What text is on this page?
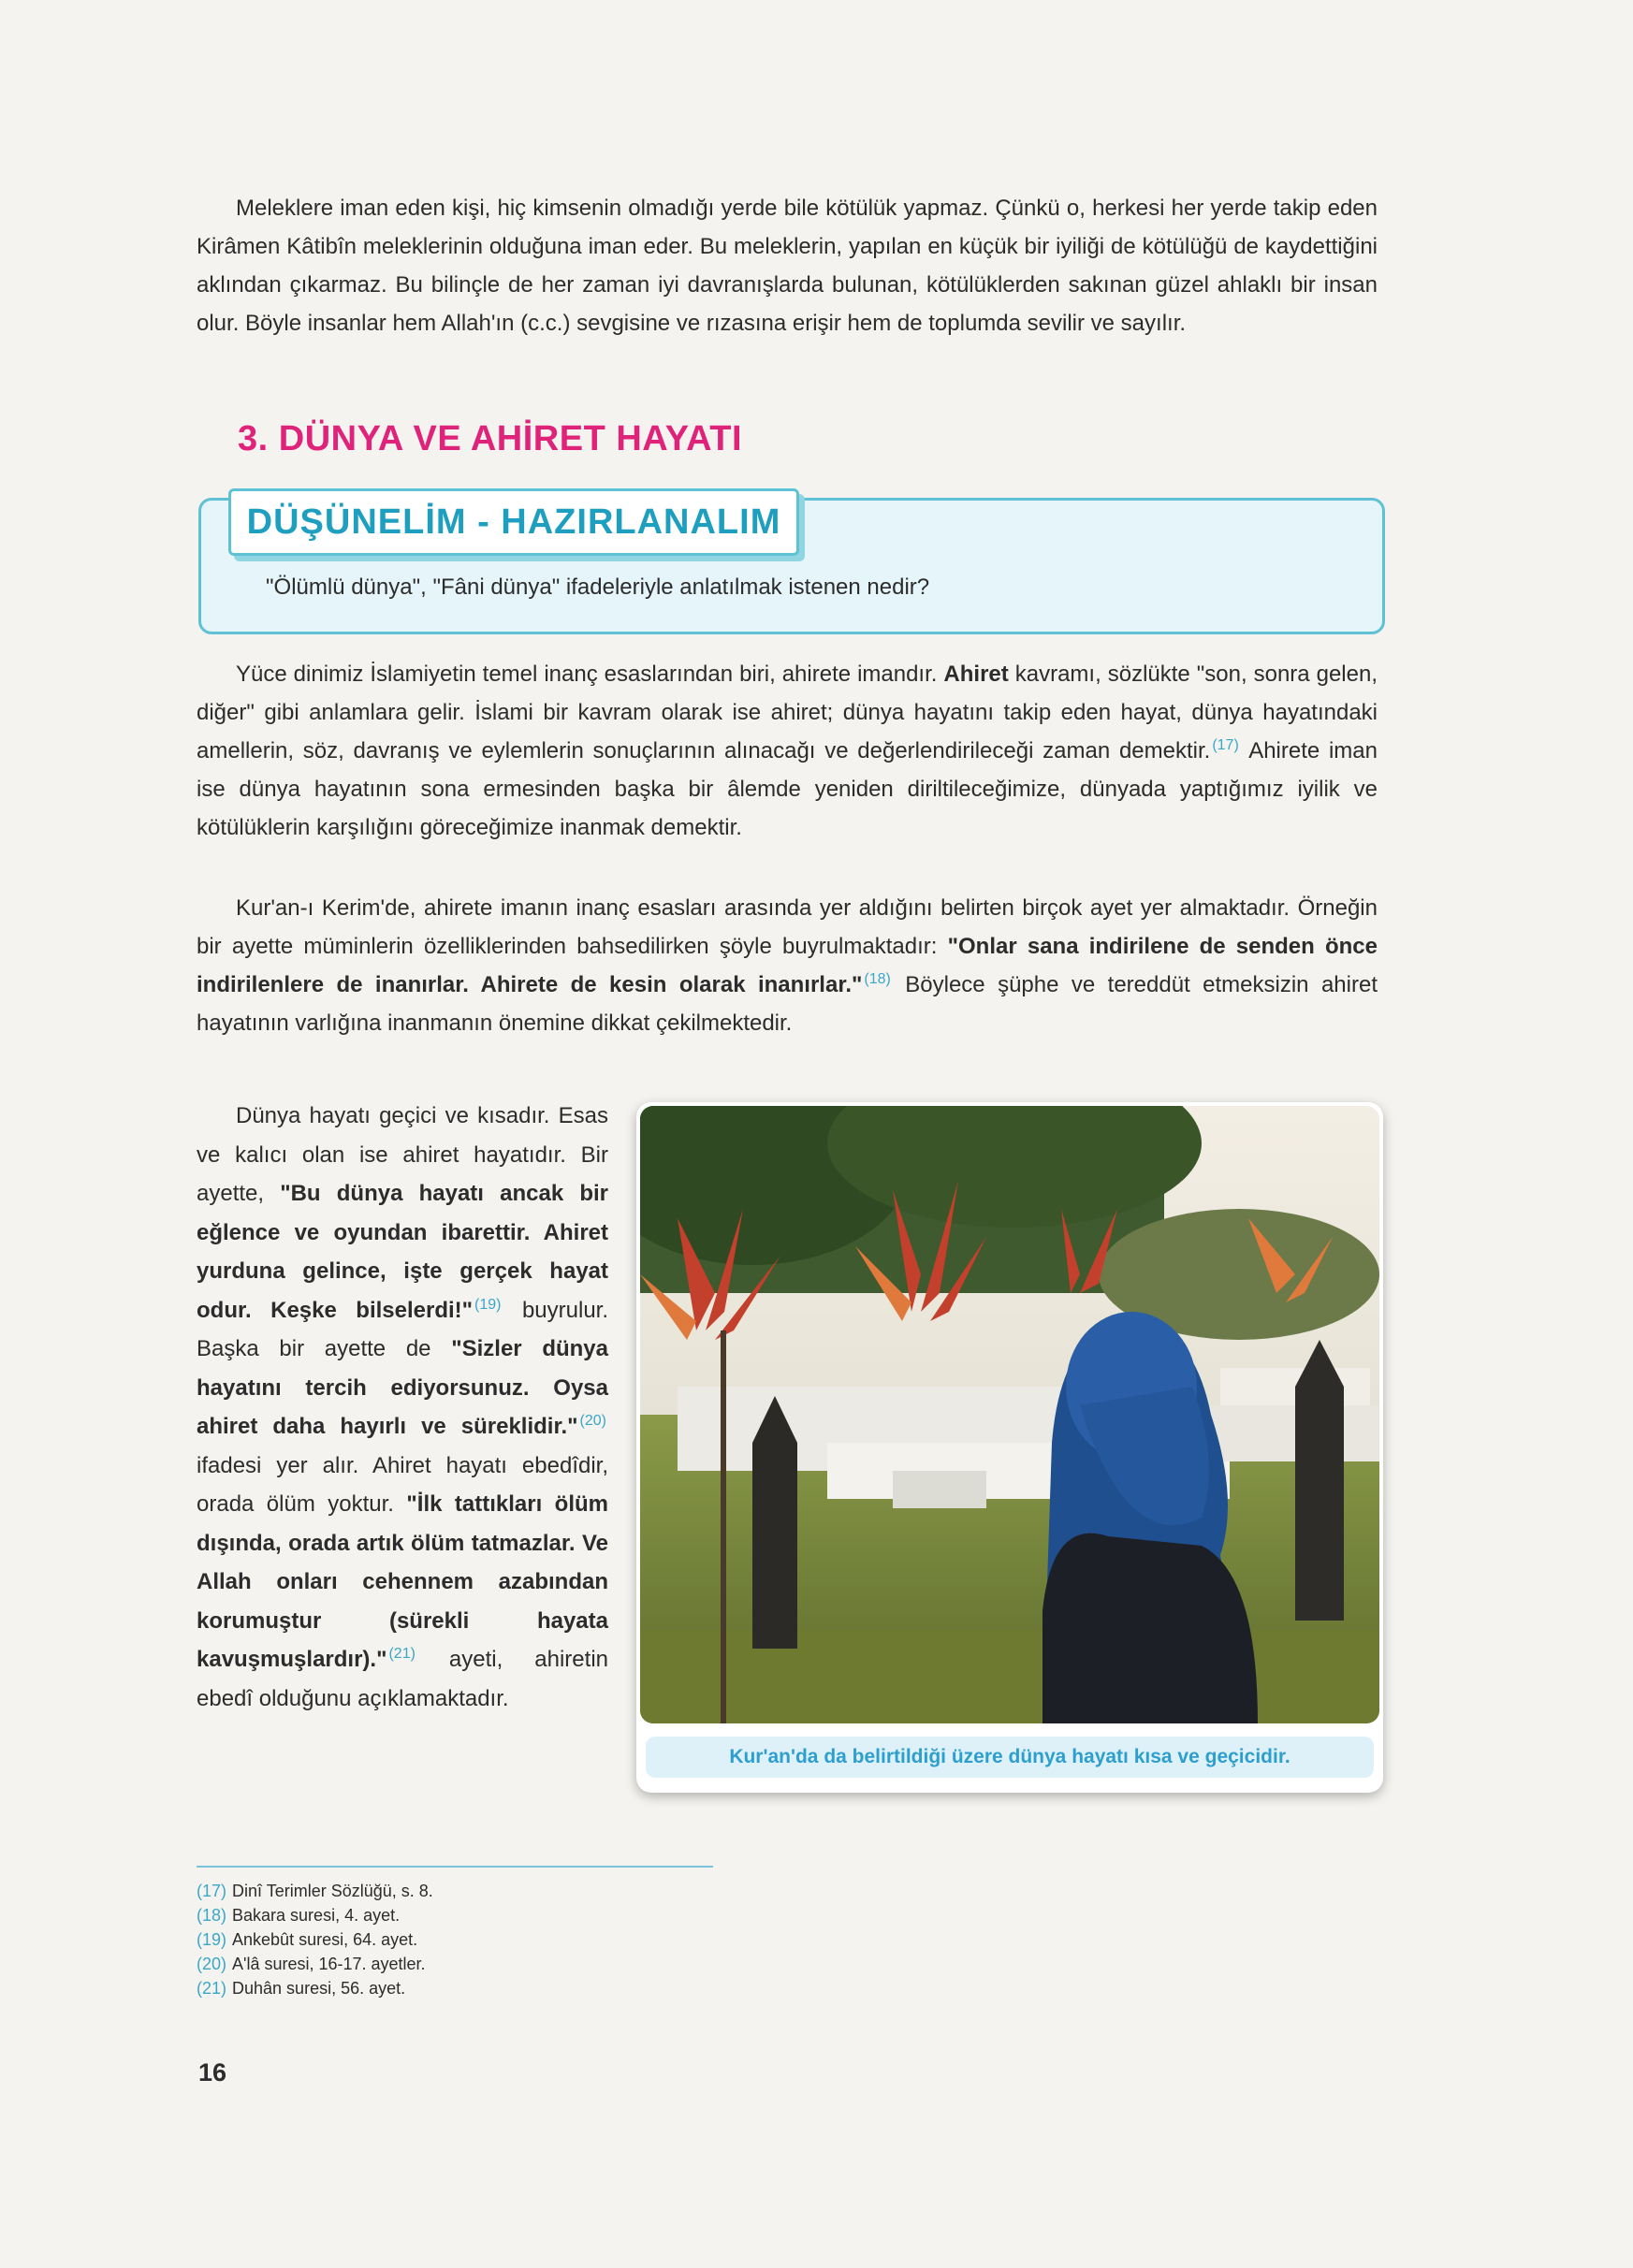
Meleklere iman eden kişi, hiç kimsenin olmadığı yerde bile kötülük yapmaz. Çünkü o, herkesi her yerde takip eden Kirâmen Kâtibîn meleklerinin olduğuna iman eder. Bu meleklerin, yapılan en küçük bir iyiliği de kötülüğü de kaydettiğini aklından çıkarmaz. Bu bilinçle de her zaman iyi davranışlarda bulunan, kötülüklerden sakınan güzel ahlaklı bir insan olur. Böyle insanlar hem Allah'ın (c.c.) sevgisine ve rızasına erişir hem de toplumda sevilir ve sayılır.

3. DÜNYA VE AHİRET HAYATI
DÜŞÜNELİM - HAZIRLANALIM
"Ölümlü dünya", "Fâni dünya" ifadeleriyle anlatılmak istenen nedir?

Yüce dinimiz İslamiyetin temel inanç esaslarından biri, ahirete imandır. Ahiret kavramı, sözlükte "son, sonra gelen, diğer" gibi anlamlara gelir. İslami bir kavram olarak ise ahiret; dünya hayatını takip eden hayat, dünya hayatındaki amellerin, söz, davranış ve eylemlerin sonuçlarının alınacağı ve değerlendirileceği zaman demektir. $^{(17)}$ Ahirete iman ise dünya hayatının sona ermesinden başka bir âlemde yeniden diriltileceğimize, dünyada yaptığımız iyilik ve kötülüklerin karşılığını göreceğimize inanmak demektir.

Kur'an-ı Kerim'de, ahirete imanın inanç esasları arasında yer aldığını belirten birçok ayet yer almaktadır. Örneğin bir ayette müminlerin özelliklerinden bahsedilirken şöyle buyrulmaktadır: "Onlar sana indirilene de senden önce indirilenlere de inanırlar. Ahirete de kesin olarak inanırlar." $^{(18)}$ Böylece şüphe ve tereddüt etmeksizin ahiret hayatının varlığına inanmanın önemine dikkat çekilmektedir.

Dünya hayatı geçici ve kısadır. Esas ve kalıcı olan ise ahiret hayatıdır. Bir ayette, "Bu dünya hayatı ancak bir eğlence ve oyundan ibarettir. Ahiret yurduna gelince, işte gerçek hayat odur. Keşke bilselerdi!" $^{(19)}$ buyrulur. Başka bir ayette de "Sizler dünya hayatını tercih ediyorsunuz. Oysa ahiret daha hayırlı ve süreklidir." $^{(20)}$ ifadesi yer alır. Ahiret hayatı ebedîdir, orada ölüm yoktur. "İlk tattıkları ölüm dışında, orada artık ölüm tatmazlar. Ve Allah onları cehennem azabından korumuştur (sürekli hayata kavuşmuşlardır)." $^{(21)}$ ayeti, ahiretin ebedî olduğunu açıklamaktadır.

Kur'an'da da belirtildiği üzere dünya hayatı kısa ve geçicidir.
(17) Dinî Terimler Sözlüğü, s. 8.
(18) Bakara suresi, 4. ayet.
(19) Ankebût suresi, 64. ayet.
(20) A'lâ suresi, 16-17. ayetler.
(21) Duhân suresi, 56. ayet.
16
